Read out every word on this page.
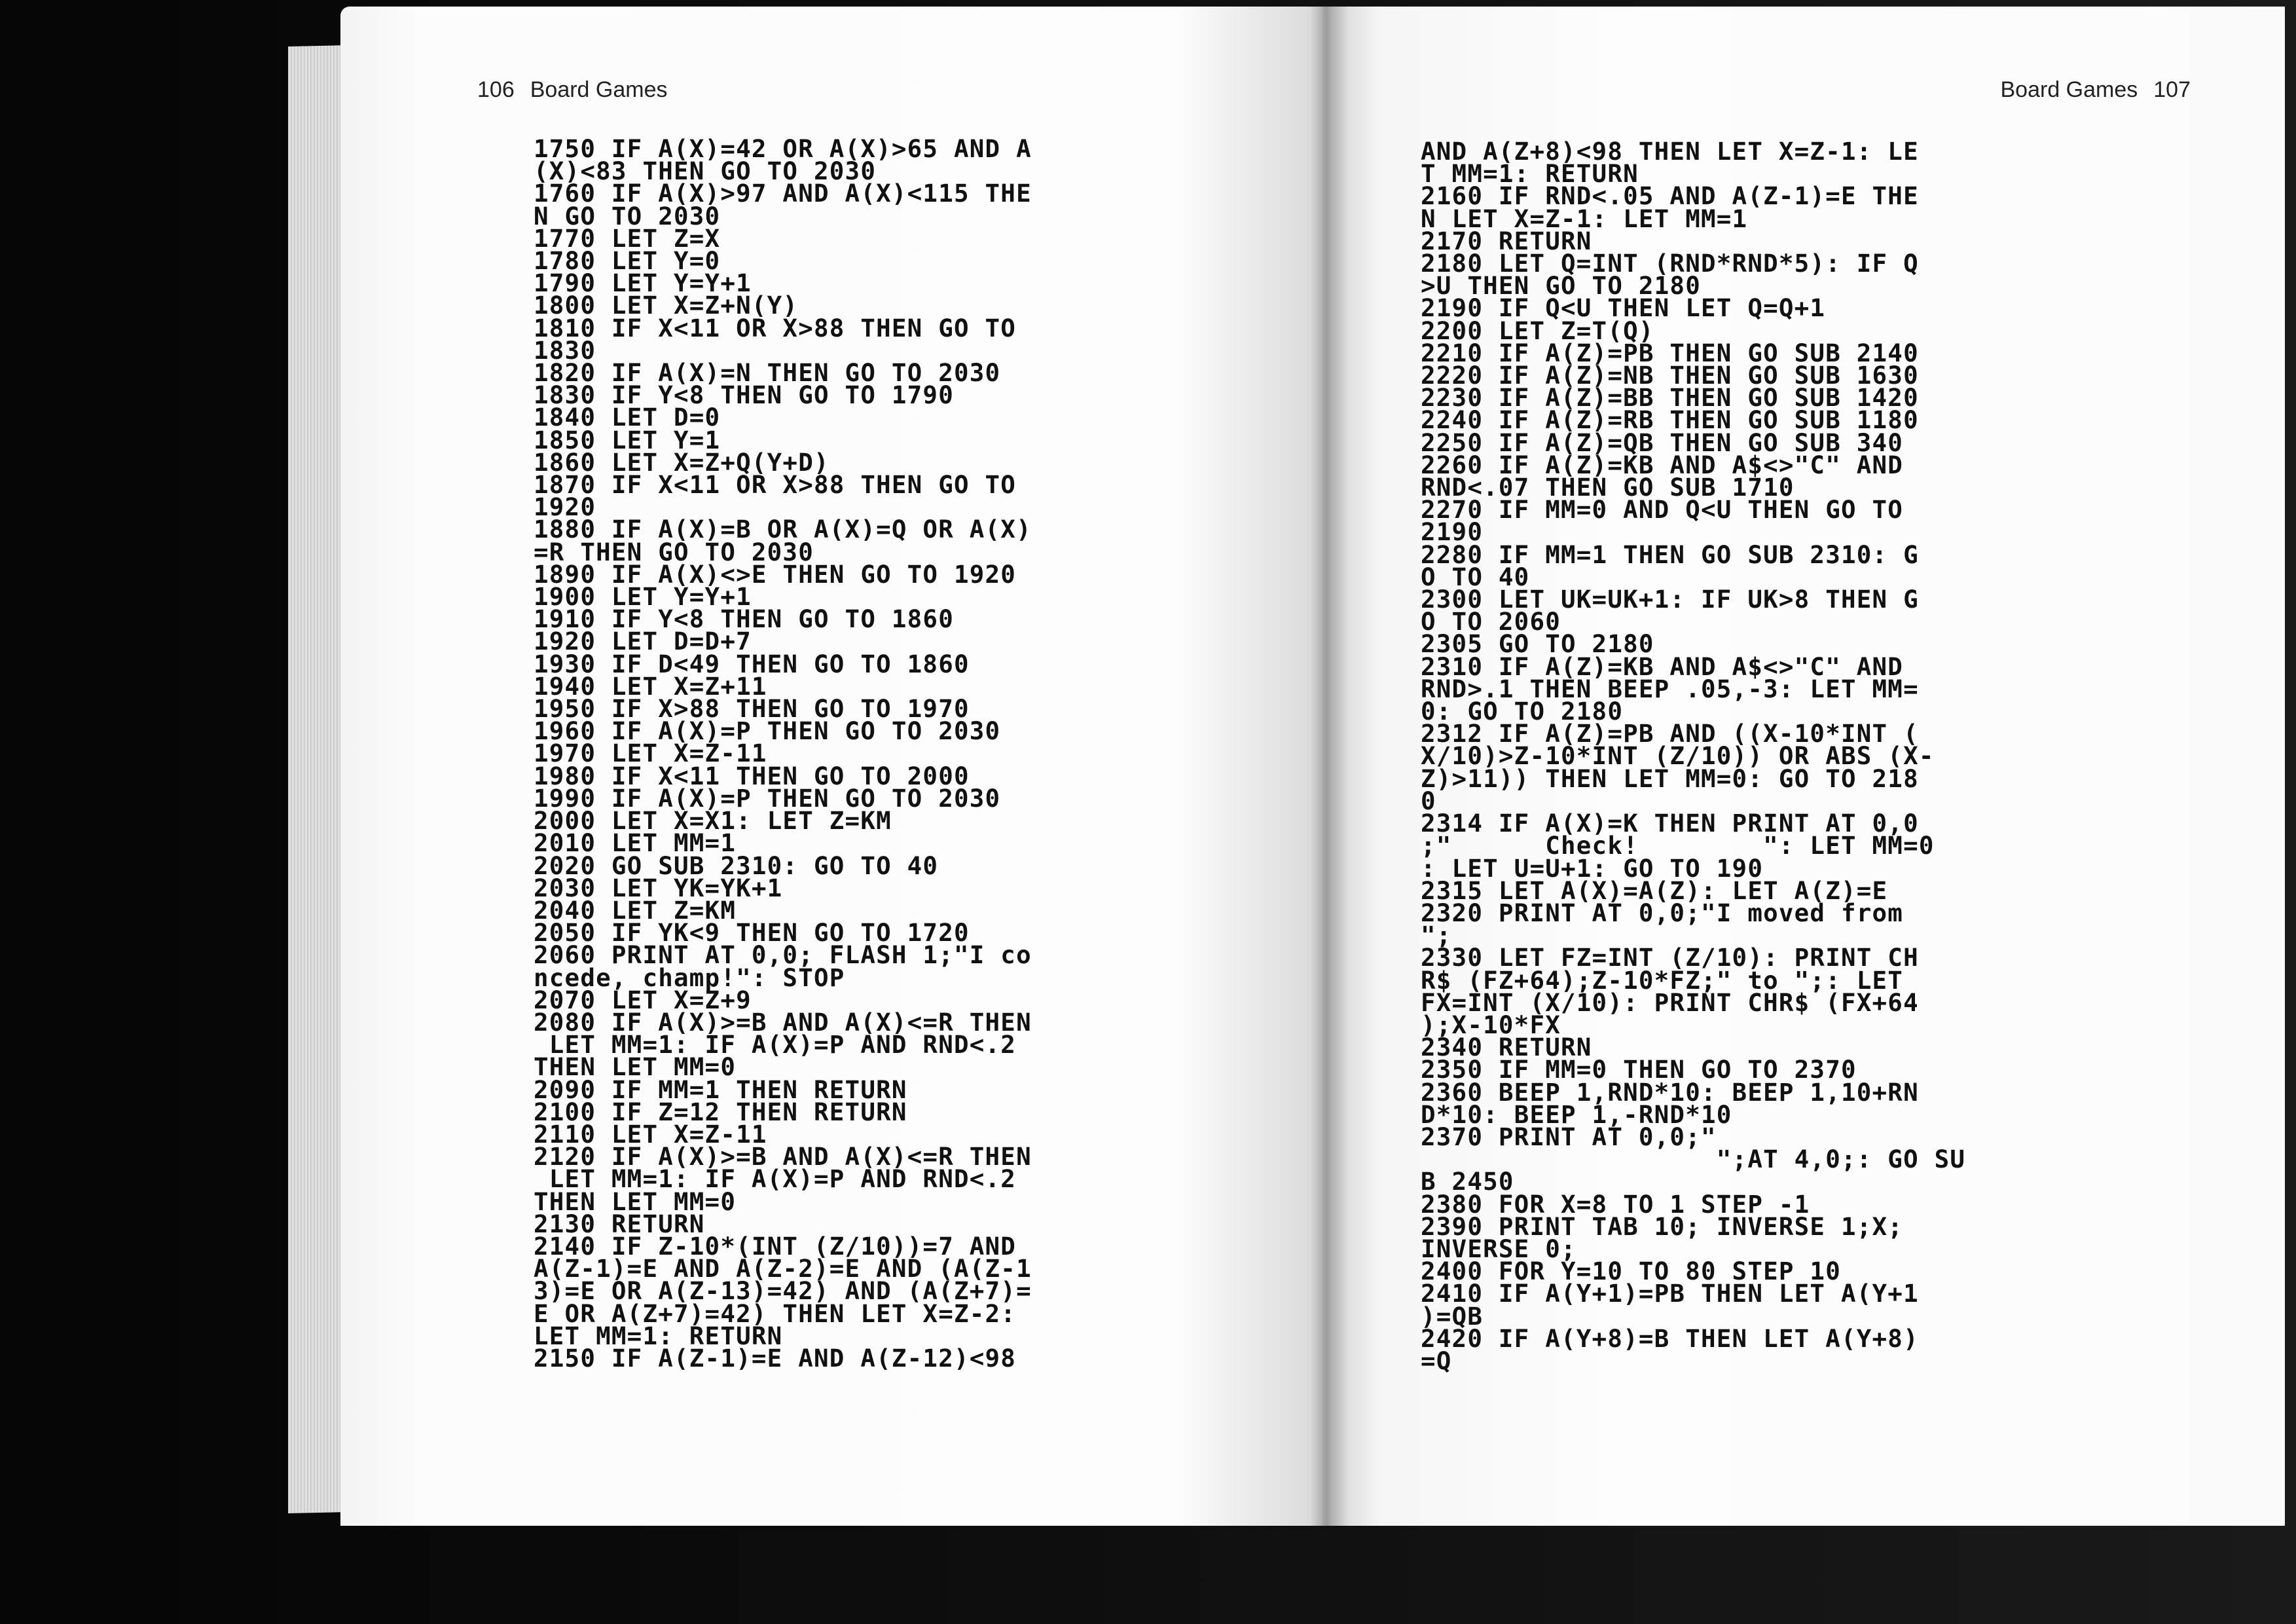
106 Board Games
1750 IF A(X)=42 OR A(X)>65 AND A
(X)<83 THEN GO TO 2030
1760 IF A(X)>97 AND A(X)<115 THE
N GO TO 2030
1770 LET Z=X
1780 LET Y=0
1790 LET Y=Y+1
1800 LET X=Z+N(Y)
1810 IF X<11 OR X>88 THEN GO TO
1830
1820 IF A(X)=N THEN GO TO 2030
1830 IF Y<8 THEN GO TO 1790
1840 LET D=0
1850 LET Y=1
1860 LET X=Z+Q(Y+D)
1870 IF X<11 OR X>88 THEN GO TO
1920
1880 IF A(X)=B OR A(X)=Q OR A(X)
=R THEN GO TO 2030
1890 IF A(X)<>E THEN GO TO 1920
1900 LET Y=Y+1
1910 IF Y<8 THEN GO TO 1860
1920 LET D=D+7
1930 IF D<49 THEN GO TO 1860
1940 LET X=Z+11
1950 IF X>88 THEN GO TO 1970
1960 IF A(X)=P THEN GO TO 2030
1970 LET X=Z-11
1980 IF X<11 THEN GO TO 2000
1990 IF A(X)=P THEN GO TO 2030
2000 LET X=X1: LET Z=KM
2010 LET MM=1
2020 GO SUB 2310: GO TO 40
2030 LET YK=YK+1
2040 LET Z=KM
2050 IF YK<9 THEN GO TO 1720
2060 PRINT AT 0,0; FLASH 1;"I co
ncede, champ!": STOP
2070 LET X=Z+9
2080 IF A(X)>=B AND A(X)<=R THEN
LET MM=1: IF A(X)=P AND RND<.2
THEN LET MM=0
2090 IF MM=1 THEN RETURN
2100 IF Z=12 THEN RETURN
2110 LET X=Z-11
2120 IF A(X)>=B AND A(X)<=R THEN
LET MM=1: IF A(X)=P AND RND<.2
THEN LET MM=0
2130 RETURN
2140 IF Z-10*(INT (Z/10))=7 AND
A(Z-1)=E AND A(Z-2)=E AND (A(Z-1
3)=E OR A(Z-13)=42) AND (A(Z+7)=
E OR A(Z+7)=42) THEN LET X=Z-2:
LET MM=1: RETURN
2150 IF A(Z-1)=E AND A(Z-12)<98

Board Games 107
AND A(Z+8)<98 THEN LET X=Z-1: LE
T MM=1: RETURN
2160 IF RND<.05 AND A(Z-1)=E THE
N LET X=Z-1: LET MM=1
2170 RETURN
2180 LET Q=INT (RND*RND*5): IF Q
>U THEN GO TO 2180
2190 IF Q<U THEN LET Q=Q+1
2200 LET Z=T(Q)
2210 IF A(Z)=PB THEN GO SUB 2140
2220 IF A(Z)=NB THEN GO SUB 1630
2230 IF A(Z)=BB THEN GO SUB 1420
2240 IF A(Z)=RB THEN GO SUB 1180
2250 IF A(Z)=QB THEN GO SUB 340
2260 IF A(Z)=KB AND A$<>"C" AND
RND<.07 THEN GO SUB 1710
2270 IF MM=0 AND Q<U THEN GO TO
2190
2280 IF MM=1 THEN GO SUB 2310: G
O TO 40
2300 LET UK=UK+1: IF UK>8 THEN G
O TO 2060
2305 GO TO 2180
2310 IF A(Z)=KB AND A$<>"C" AND
RND>.1 THEN BEEP .05,-3: LET MM=
0: GO TO 2180
2312 IF A(Z)=PB AND ((X-10*INT (
X/10)>Z-10*INT (Z/10)) OR ABS (X-
Z)>11)) THEN LET MM=0: GO TO 218
0
2314 IF A(X)=K THEN PRINT AT 0,0
;"      Check!        ": LET MM=0
: LET U=U+1: GO TO 190
2315 LET A(X)=A(Z): LET A(Z)=E
2320 PRINT AT 0,0;"I moved from
";
2330 LET FZ=INT (Z/10): PRINT CH
R$ (FZ+64);Z-10*FZ;" to ";: LET
FX=INT (X/10): PRINT CHR$ (FX+64
);X-10*FX
2340 RETURN
2350 IF MM=0 THEN GO TO 2370
2360 BEEP 1,RND*10: BEEP 1,10+RN
D*10: BEEP 1,-RND*10
2370 PRINT AT 0,0;"
";AT 4,0;: GO SU
B 2450
2380 FOR X=8 TO 1 STEP -1
2390 PRINT TAB 10; INVERSE 1;X;
INVERSE 0;
2400 FOR Y=10 TO 80 STEP 10
2410 IF A(Y+1)=PB THEN LET A(Y+1
)=QB
2420 IF A(Y+8)=B THEN LET A(Y+8)
=Q
